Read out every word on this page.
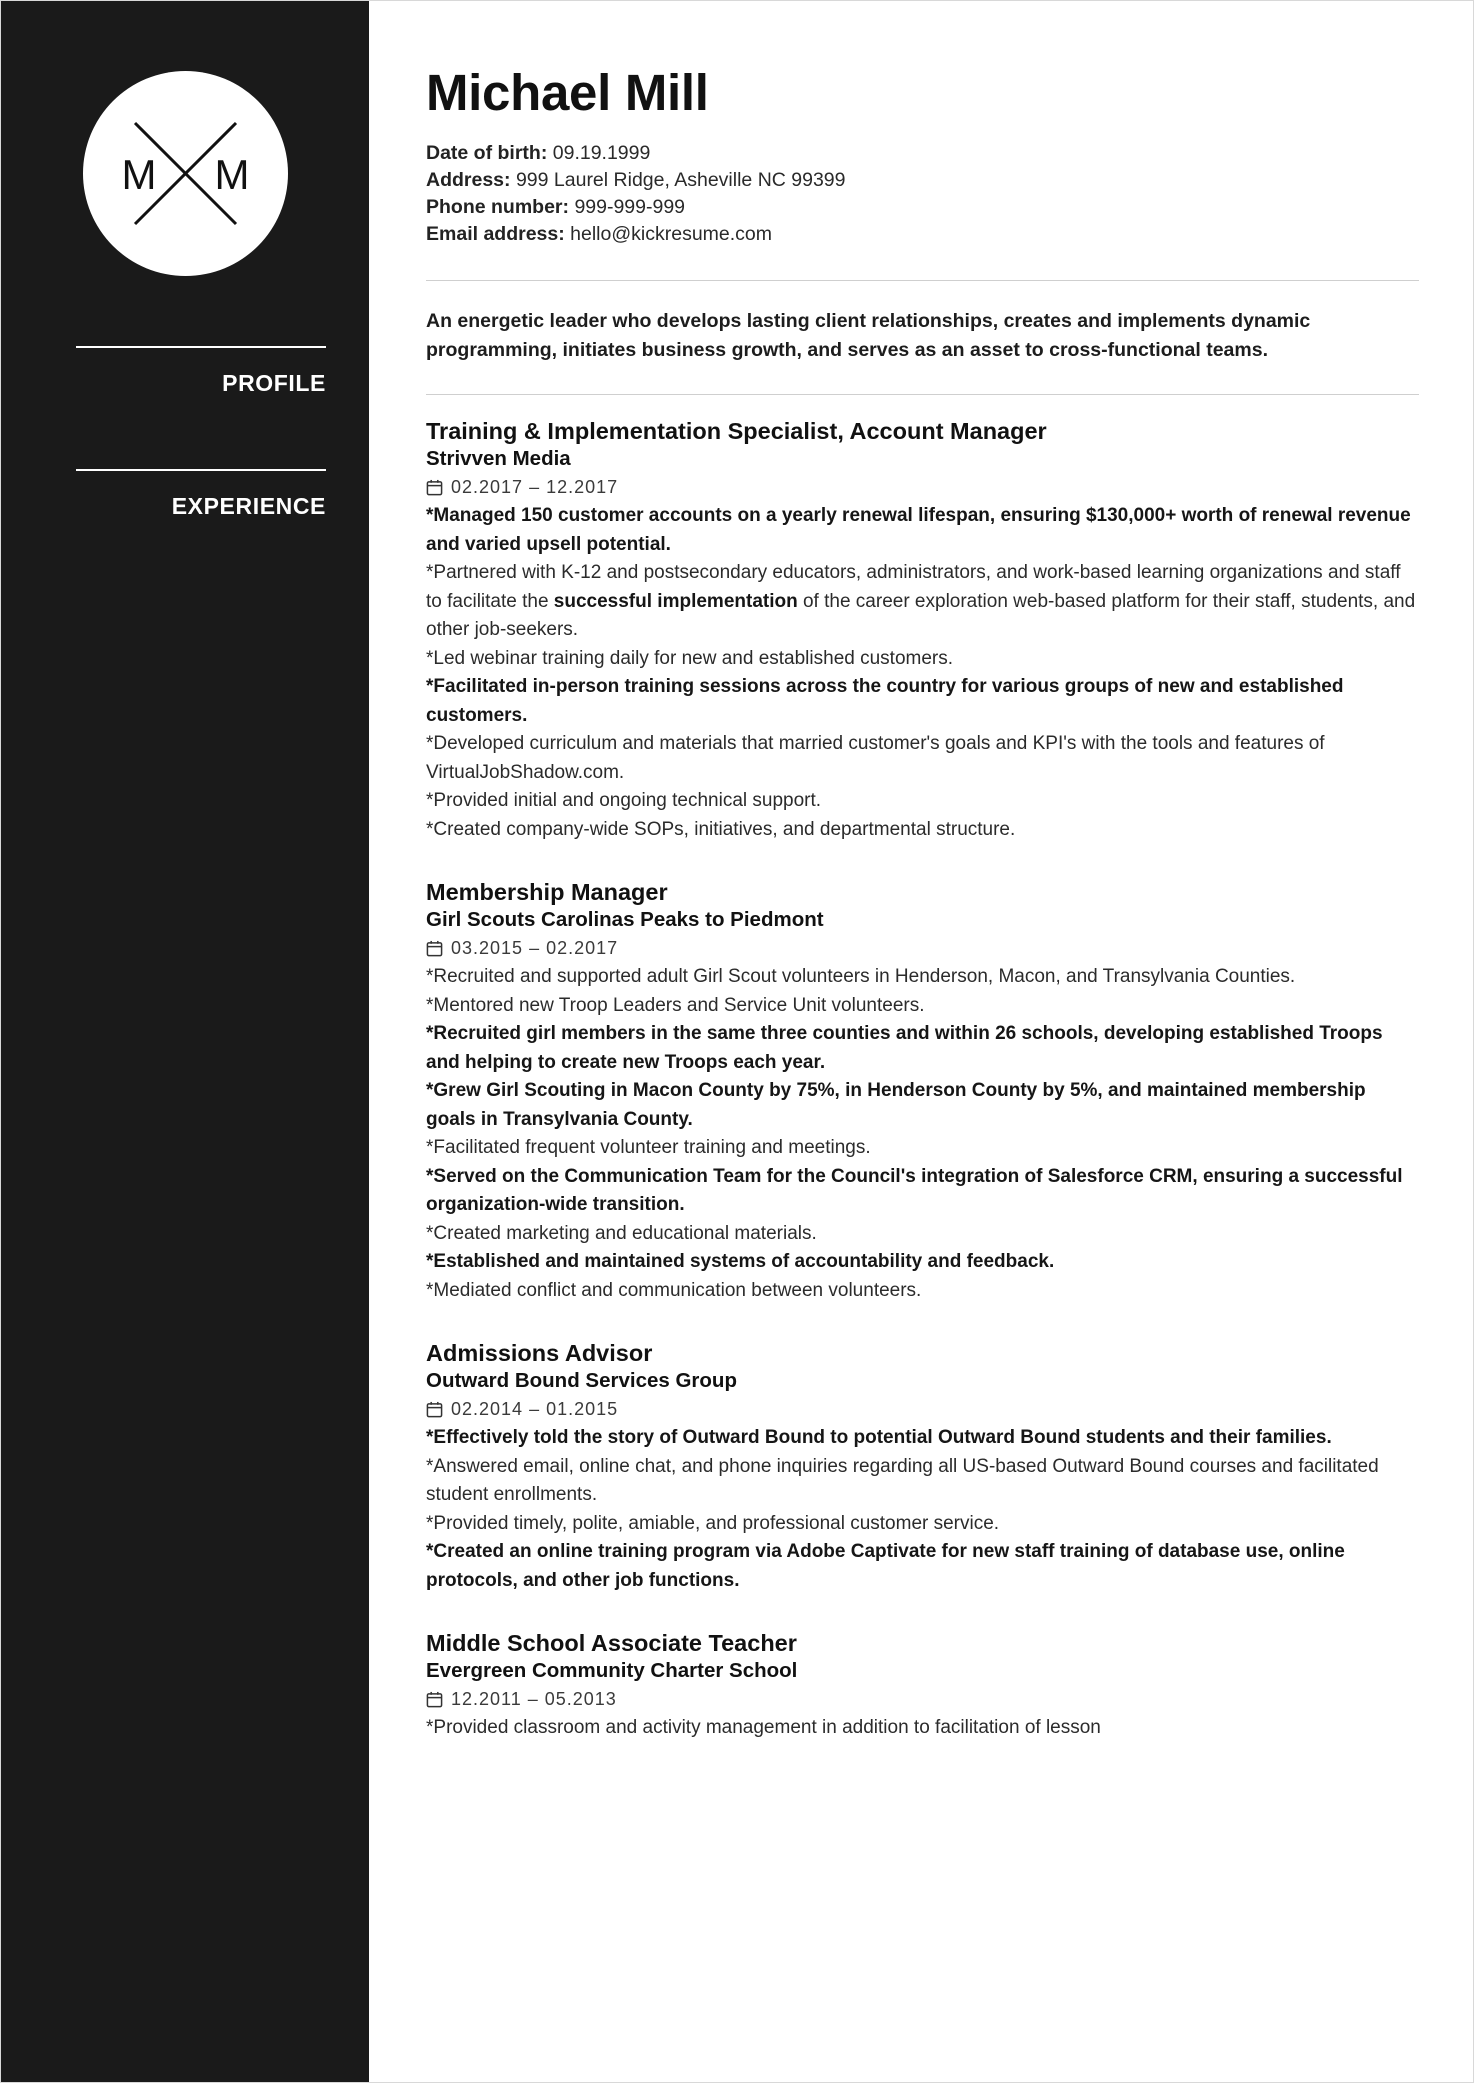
M M
PROFILE
EXPERIENCE
Michael Mill
Date of birth: 09.19.1999
Address: 999 Laurel Ridge, Asheville NC 99399
Phone number: 999-999-999
Email address: hello@kickresume.com
An energetic leader who develops lasting client relationships, creates and implements dynamic programming, initiates business growth, and serves as an asset to cross-functional teams.
Training & Implementation Specialist, Account Manager
Strivven Media
02.2017 – 12.2017

*Managed 150 customer accounts on a yearly renewal lifespan, ensuring $130,000+ worth of renewal revenue and varied upsell potential.

*Partnered with K-12 and postsecondary educators, administrators, and work-based learning organizations and staff to facilitate the successful implementation of the career exploration web-based platform for their staff, students, and other job-seekers.

*Led webinar training daily for new and established customers.

*Facilitated in-person training sessions across the country for various groups of new and established customers.

*Developed curriculum and materials that married customer's goals and KPI's with the tools and features of VirtualJobShadow.com.

*Provided initial and ongoing technical support.

*Created company-wide SOPs, initiatives, and departmental structure.

Membership Manager
Girl Scouts Carolinas Peaks to Piedmont
03.2015 – 02.2017

*Recruited and supported adult Girl Scout volunteers in Henderson, Macon, and Transylvania Counties.

*Mentored new Troop Leaders and Service Unit volunteers.

*Recruited girl members in the same three counties and within 26 schools, developing established Troops and helping to create new Troops each year.

*Grew Girl Scouting in Macon County by 75%, in Henderson County by 5%, and maintained membership goals in Transylvania County.

*Facilitated frequent volunteer training and meetings.

*Served on the Communication Team for the Council's integration of Salesforce CRM, ensuring a successful organization-wide transition.

*Created marketing and educational materials.

*Established and maintained systems of accountability and feedback.

*Mediated conflict and communication between volunteers.

Admissions Advisor
Outward Bound Services Group
02.2014 – 01.2015

*Effectively told the story of Outward Bound to potential Outward Bound students and their families.

*Answered email, online chat, and phone inquiries regarding all US-based Outward Bound courses and facilitated student enrollments.

*Provided timely, polite, amiable, and professional customer service.

*Created an online training program via Adobe Captivate for new staff training of database use, online protocols, and other job functions.

Middle School Associate Teacher
Evergreen Community Charter School
12.2011 – 05.2013

*Provided classroom and activity management in addition to facilitation of lesson
